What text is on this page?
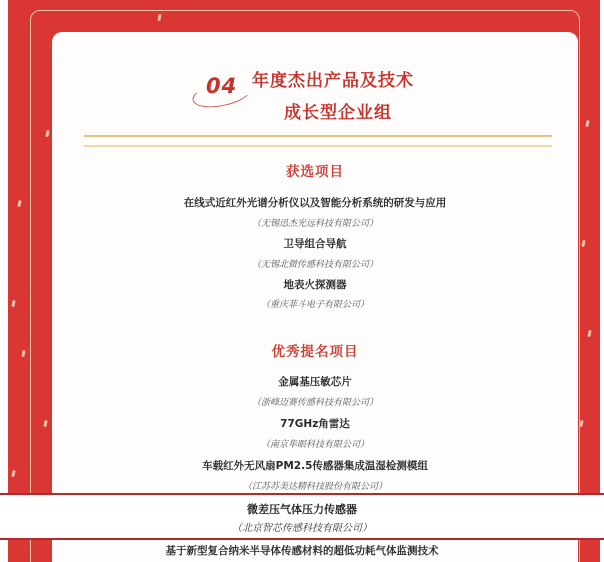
04 年度杰出产品及技术
成长型企业组
获选项目
在线式近红外光谱分析仪以及智能分析系统的研发与应用
（无锡迅杰光远科技有限公司）
卫导组合导航
（无锡北微传感科技有限公司）
地表火探测器
（重庆菲斗电子有限公司）
优秀提名项目
金属基压敏芯片
（浙峰迈赛传感科技有限公司）
77GHz角雷达
（南京隼眼科技有限公司）
车载红外无风扇PM2.5传感器集成温湿检测模组
（江苏苏美达精科技股份有限公司）
微差压气体压力传感器
（北京智芯传感科技有限公司）
基于新型复合纳米半导体传感材料的超低功耗气体监测技术
